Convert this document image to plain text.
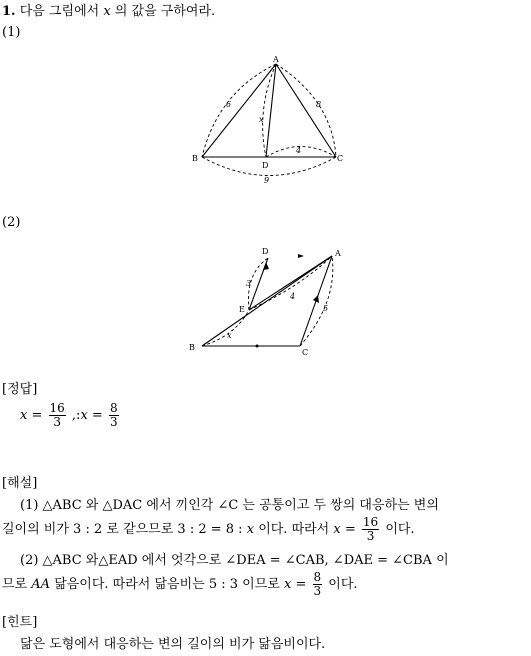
1. 다음 그림에서 x 의 값을 구하여라.
(1)
A
B	C
D
6	8
4
9
x
(2)
D	A
E
B
C
3
4
5
x
[정답]
$x = \frac{16}{3}$ ,:x = $\frac{8}{3}$
[해설]
(1) △ABC 와 △DAC 에서 끼인각 ∠C 는 공통이고 두 쌍의 대응하는 변의
길이의 비가 3 : 2 로 같으므로 3 : 2 = 8 : x 이다. 따라서 $x = \frac{16}{3}$ 이다.
(2) △ABC 와△EAD 에서 엇각으로 ∠DEA = ∠CAB, ∠DAE = ∠CBA 이
므로 AA 닮음이다. 따라서 닮음비는 5 : 3 이므로 $x = \frac{8}{3}$ 이다.
[힌트]
닮은 도형에서 대응하는 변의 길이의 비가 닮음비이다.
